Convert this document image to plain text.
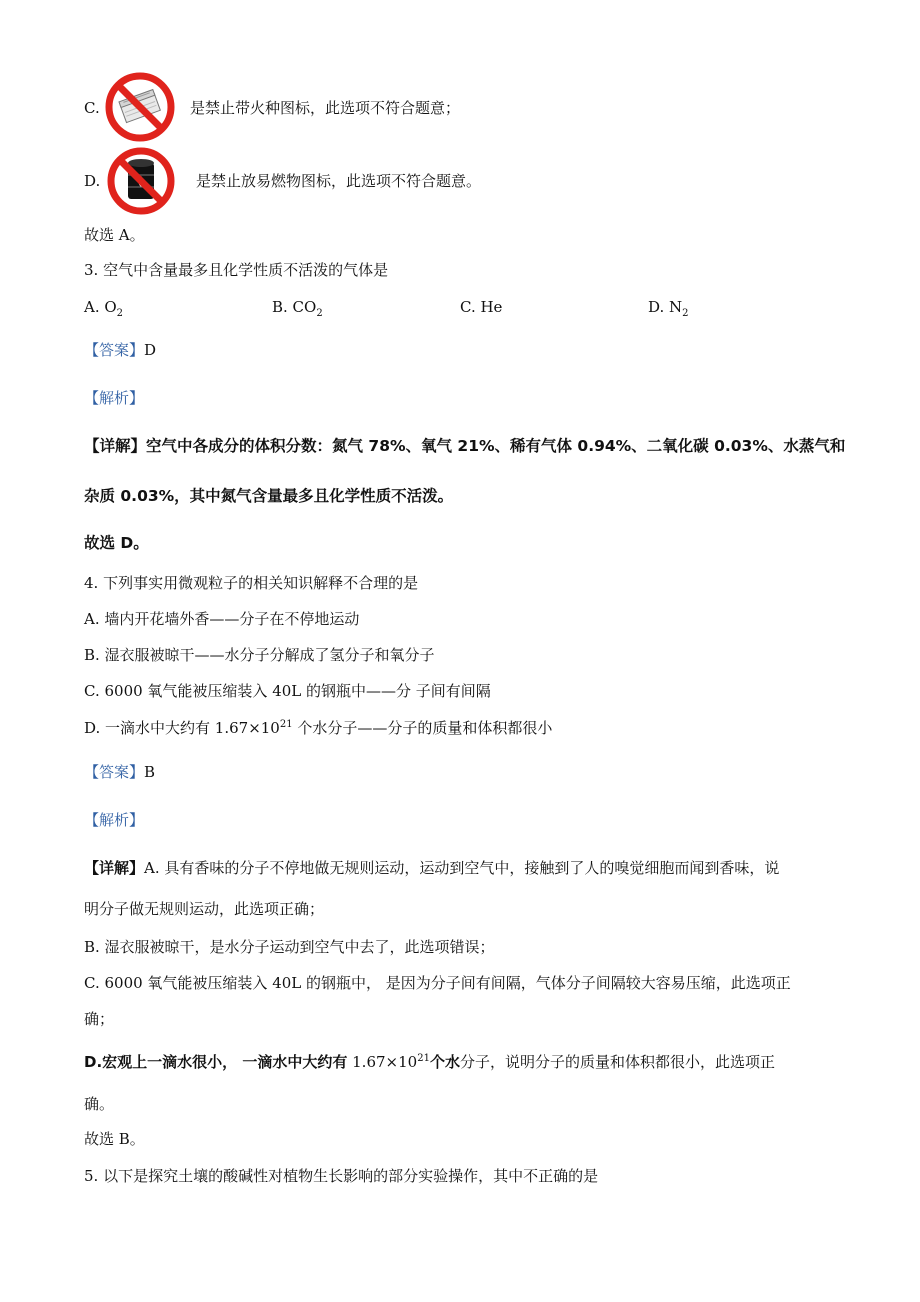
C.	是禁止带火种图标，此选项不符合题意；
D.	是禁止放易燃物图标，此选项不符合题意。
故选 A。
3. 空气中含量最多且化学性质不活泼的气体是
A. $O_2$	B. $CO_2$	C. He	D. $N_2$
【答案】D
【解析】
【详解】空气中各成分的体积分数：氮气 78%、氧气 21%、稀有气体 0.94%、二氧化碳 0.03%、水蒸气和
杂质 0.03%，其中氮气含量最多且化学性质不活泼。
故选 D。
4. 下列事实用微观粒子的相关知识解释不合理的是
A. 墙内开花墙外香——分子在不停地运动
B. 湿衣服被晾干——水分子分解成了氢分子和氧分子
C. 6000 氧气能被压缩装入 40L 的钢瓶中——分 子间有间隔
D. 一滴水中大约有 $1.67\times 10^{21}$ 个水分子——分子的质量和体积都很小
【答案】B
【解析】
【详解】A. 具有香味的分子不停地做无规则运动，运动到空气中，接触到了人的嗅觉细胞而闻到香味，说
明分子做无规则运动，此选项正确；
B. 湿衣服被晾干，是水分子运动到空气中去了，此选项错误；
C. 6000 氧气能被压缩装入 40L 的钢瓶中， 是因为分子间有间隔，气体分子间隔较大容易压缩，此选项正
确；
D.宏观上一滴水很小， 一滴水中大约有 $1.67\times 10^{21}$个水分子，说明分子的质量和体积都很小，此选项正
确。
故选 B。
5. 以下是探究土壤的酸碱性对植物生长影响的部分实验操作，其中不正确的是
